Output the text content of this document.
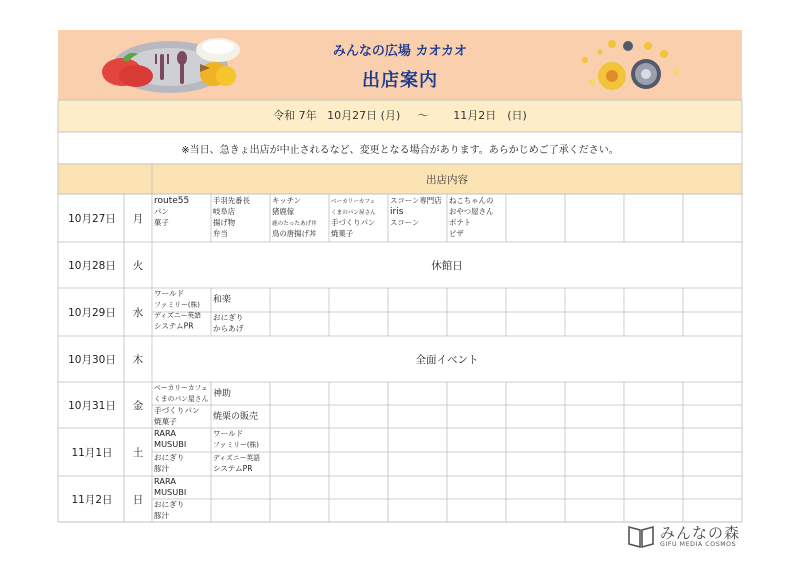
10月27日 月
route55
パン
菓子
手羽先番長
岐阜店
揚げ物
弁当
キッチン
猪鹿傢
鹿のたったあげ丼
鳥の唐揚げ丼
ベーカリーカフェ
くまのパン屋さん
手づくりパン
焼菓子
スコーン専門店
iris
スコーン
ねこちゃんの
おやつ屋さん
ポテト
ピザ
10月28日 火	休館日
10月29日 水
ワールド
ファミリー(株)
ディズニー英語
システムPR
和楽
おにぎり
からあげ
10月30日 木	全面イベント
10月31日 金
ベーカリーカフェ
くまのパン屋さん
手づくりパン
焼菓子
神助
焼栗の販売
11月1日 土
RARA
MUSUBI
おにぎり
豚汁
ワールド
ファミリー(株)
ディズニー英語
システムPR
11月2日 日
RARA
MUSUBI
おにぎり
豚汁
みんなの広場 カオカオ
出店案内
令和 7年 10月27日 (月) ～ 11月2日　(日)
※当日、急きょ出店が中止されるなど、変更となる場合があります。あらかじめご了承ください。
出店内容
みんなの森
GIFU MEDIA COSMOS
